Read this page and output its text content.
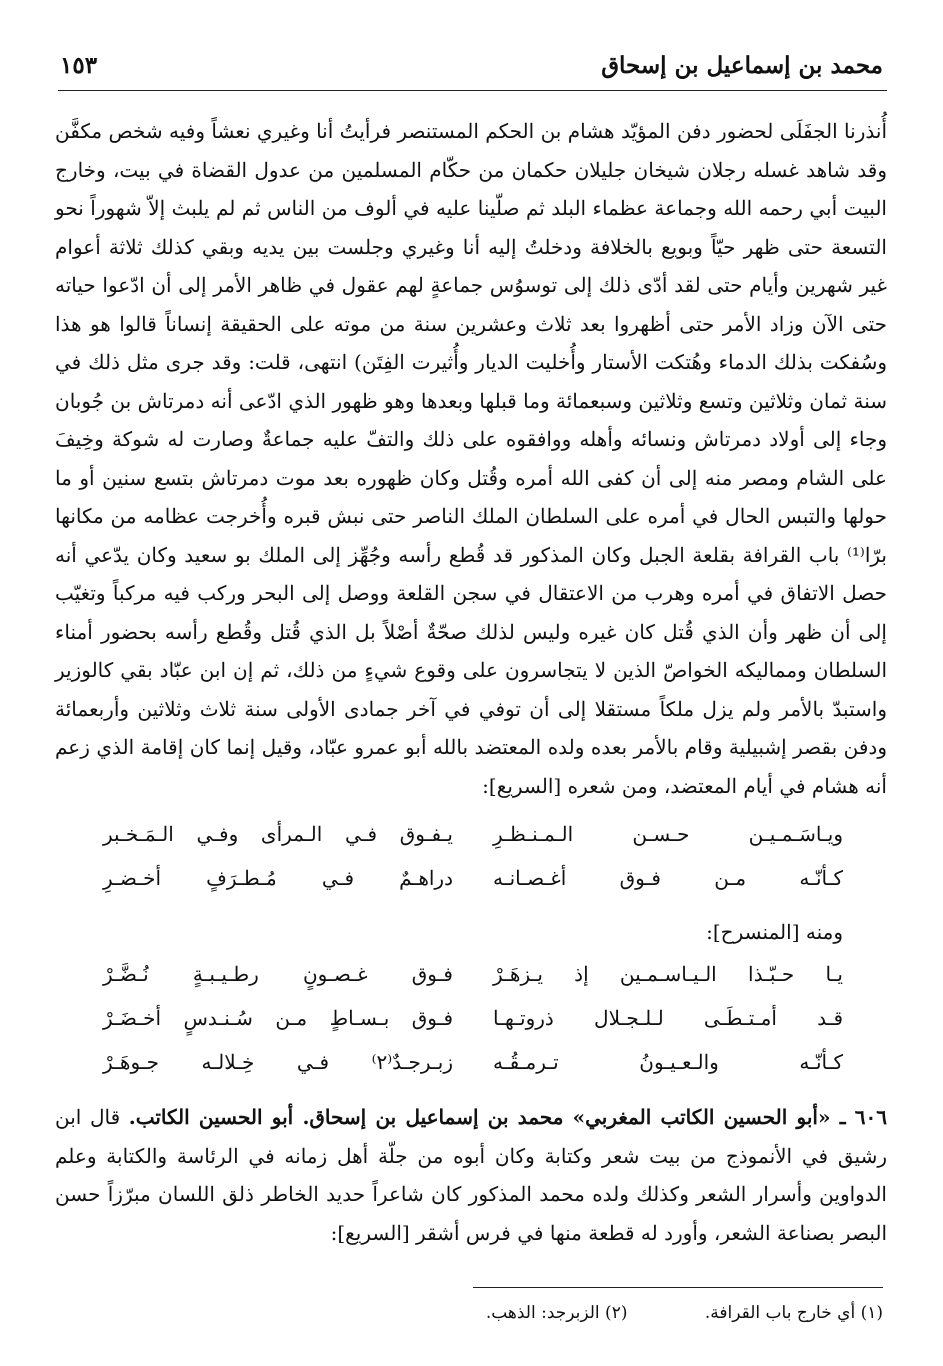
محمد بن إسماعيل بن إسحاق
١٥٣

أُنذرنا الجفَلَى لحضور دفن المؤيّد هشام بن الحكم المستنصر فرأيتُ أنا وغيري نعشاً وفيه شخص مكفَّن وقد شاهد غسله رجلان شيخان جليلان حكمان من حكّام المسلمين من عدول القضاة في بيت، وخارج البيت أبي رحمه الله وجماعة عظماء البلد ثم صلّينا عليه في ألوف من الناس ثم لم يلبث إلاّ شهوراً نحو التسعة حتى ظهر حيّاً وبويع بالخلافة ودخلتُ إليه أنا وغيري وجلست بين يديه وبقي كذلك ثلاثة أعوام غير شهرين وأيام حتى لقد أدّى ذلك إلى توسوُس جماعةٍ لهم عقول في ظاهر الأمر إلى أن ادّعوا حياته حتى الآن وزاد الأمر حتى أظهروا بعد ثلاث وعشرين سنة من موته على الحقيقة إنساناً قالوا هو هذا وسُفكت بذلك الدماء وهُتكت الأستار وأُخليت الديار وأُثيرت الفِتَن) انتهى، قلت: وقد جرى مثل ذلك في سنة ثمان وثلاثين وتسع وثلاثين وسبعمائة وما قبلها وبعدها وهو ظهور الذي ادّعى أنه دمرتاش بن جُوبان وجاء إلى أولاد دمرتاش ونسائه وأهله ووافقوه على ذلك والتفّ عليه جماعةٌ وصارت له شوكة وخِيفَ على الشام ومصر منه إلى أن كفى الله أمره وقُتل وكان ظهوره بعد موت دمرتاش بتسع سنين أو ما حولها والتبس الحال في أمره على السلطان الملك الناصر حتى نبش قبره وأُخرجت عظامه من مكانها برّا⁽¹⁾ باب القرافة بقلعة الجبل وكان المذكور قد قُطع رأسه وجُهِّز إلى الملك بو سعيد وكان يدّعي أنه حصل الاتفاق في أمره وهرب من الاعتقال في سجن القلعة ووصل إلى البحر وركب فيه مركباً وتغيّب إلى أن ظهر وأن الذي قُتل كان غيره وليس لذلك صحّةٌ أصْلاً بل الذي قُتل وقُطع رأسه بحضور أمناء السلطان ومماليكه الخواصّ الذين لا يتجاسرون على وقوع شيءٍ من ذلك، ثم إن ابن عبّاد بقي كالوزير واستبدّ بالأمر ولم يزل ملكاً مستقلا إلى أن توفي في آخر جمادى الأولى سنة ثلاث وثلاثين وأربعمائة ودفن بقصر إشبيلية وقام بالأمر بعده ولده المعتضد بالله أبو عمرو عبّاد، وقيل إنما كان إقامة الذي زعم أنه هشام في أيام المعتضد، ومن شعره [السريع]:

ويـاسَـمـيـن حـسـن الـمـنـظـرِ
يـفـوق فـي الـمرأى وفـي الـمَـخـبر
كـأنّـه مـن فـوق أغـصـانـه
دراهـمٌ فـي مُـطـرَفٍ أخـضـرِ
ومنه [المنسرح]:
يـا حـبّـذا الـيـاسـمـين إذ يـزهَـرْ
فـوق غـصـونٍ رطـيـبـةٍ نُـضَّـرْ
قـد أمـتـطَـى لـلـجـلال ذروتـهـا
فـوق بـسـاطٍ مـن سُـنـدسٍ أخـضَـرْ
كـأنّـه والـعـيـونُ تـرمـقُـه
زبـرجـدٌ⁽٢⁾ فـي خِـلالـه جـوهَـرْ
٦٠٦ ـ «أبو الحسين الكاتب المغربي» محمد بن إسماعيل بن إسحاق. أبو الحسين الكاتب. قال ابن رشيق في الأنموذج من بيت شعر وكتابة وكان أبوه من جلّة أهل زمانه في الرئاسة والكتابة وعلم الدواوين وأسرار الشعر وكذلك ولده محمد المذكور كان شاعراً حديد الخاطر ذلق اللسان مبرّزاً حسن البصر بصناعة الشعر، وأورد له قطعة منها في فرس أشقر [السريع]:
(١) أي خارج باب القرافة. (٢) الزبرجد: الذهب.
